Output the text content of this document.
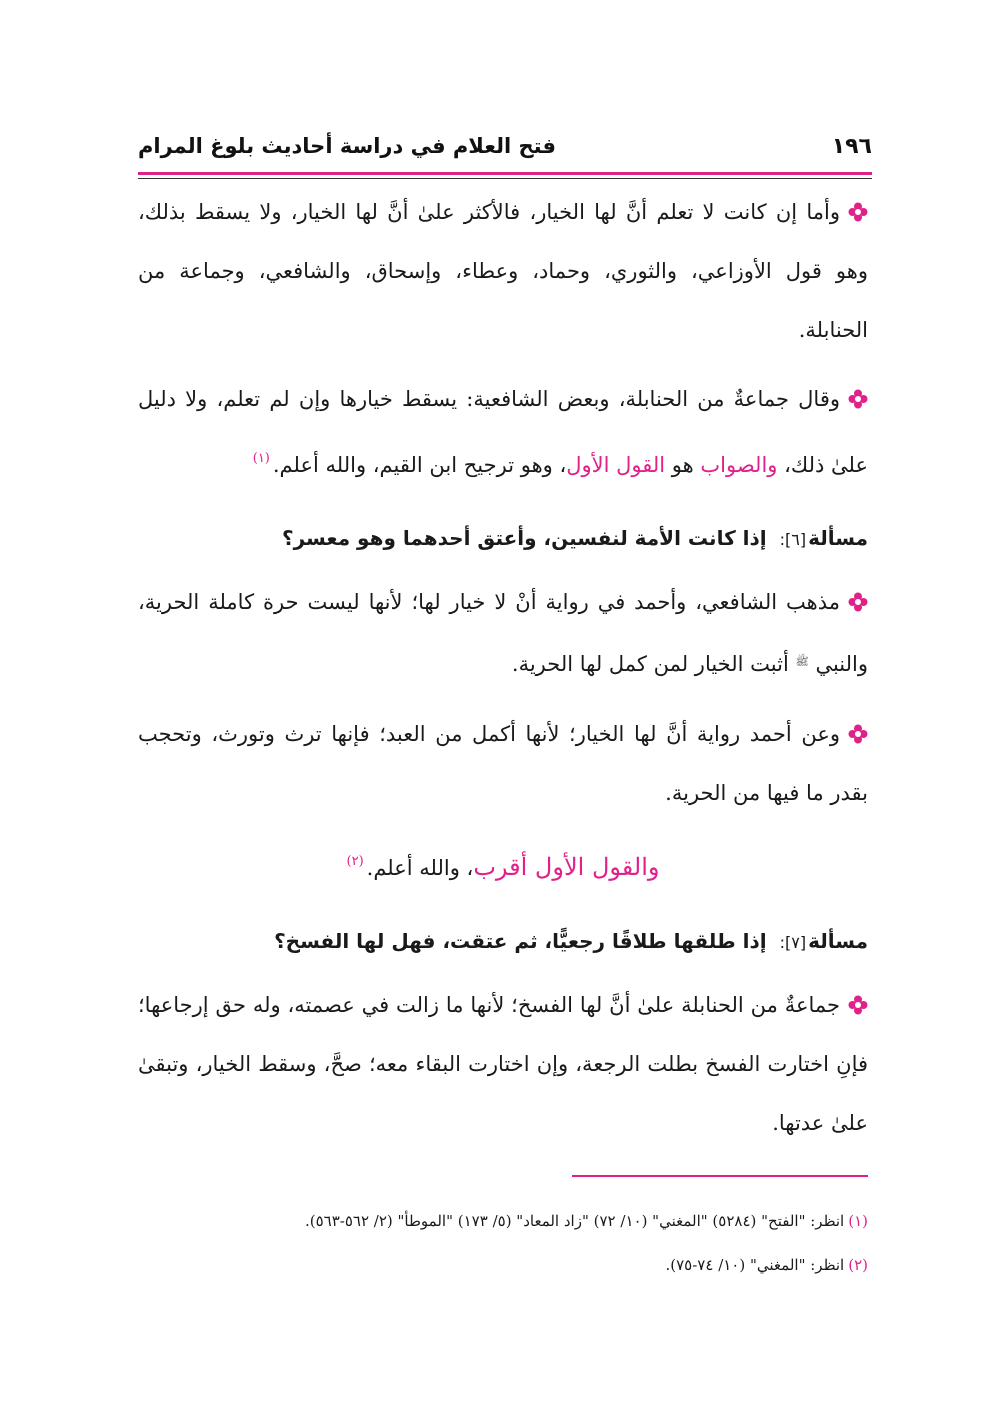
١٩٦
فتح العلام في دراسة أحاديث بلوغ المرام

وأما إن كانت لا تعلم أنَّ لها الخيار، فالأكثر علىٰ أنَّ لها الخيار، ولا يسقط بذلك، وهو قول الأوزاعي، والثوري، وحماد، وعطاء، وإسحاق، والشافعي، وجماعة من الحنابلة.

وقال جماعةٌ من الحنابلة، وبعض الشافعية: يسقط خيارها وإن لم تعلم، ولا دليل علىٰ ذلك، والصواب هو القول الأول، وهو ترجيح ابن القيم، والله أعلم.$^{(١)}$

مسألة[٦]: إذا كانت الأمة لنفسين، وأعتق أحدهما وهو معسر؟

مذهب الشافعي، وأحمد في رواية أنْ لا خيار لها؛ لأنها ليست حرة كاملة الحرية، والنبي $^ﷺ$ أثبت الخيار لمن كمل لها الحرية.

وعن أحمد رواية أنَّ لها الخيار؛ لأنها أكمل من العبد؛ فإنها ترث وتورث، وتحجب بقدر ما فيها من الحرية.

والقول الأول أقرب، والله أعلم.$^{(٢)}$

مسألة[٧]: إذا طلقها طلاقًا رجعيًّا، ثم عتقت، فهل لها الفسخ؟

جماعةٌ من الحنابلة علىٰ أنَّ لها الفسخ؛ لأنها ما زالت في عصمته، وله حق إرجاعها؛ فإنِ اختارت الفسخ بطلت الرجعة، وإن اختارت البقاء معه؛ صحَّ، وسقط الخيار، وتبقىٰ علىٰ عدتها.

(١)انظر: "الفتح" (٥٢٨٤) "المغني" (١٠/ ٧٢) "زاد المعاد" (٥/ ١٧٣) "الموطأ" (٢/ ٥٦٢-٥٦٣).

(٢)انظر: "المغني" (١٠/ ٧٤-٧٥).
